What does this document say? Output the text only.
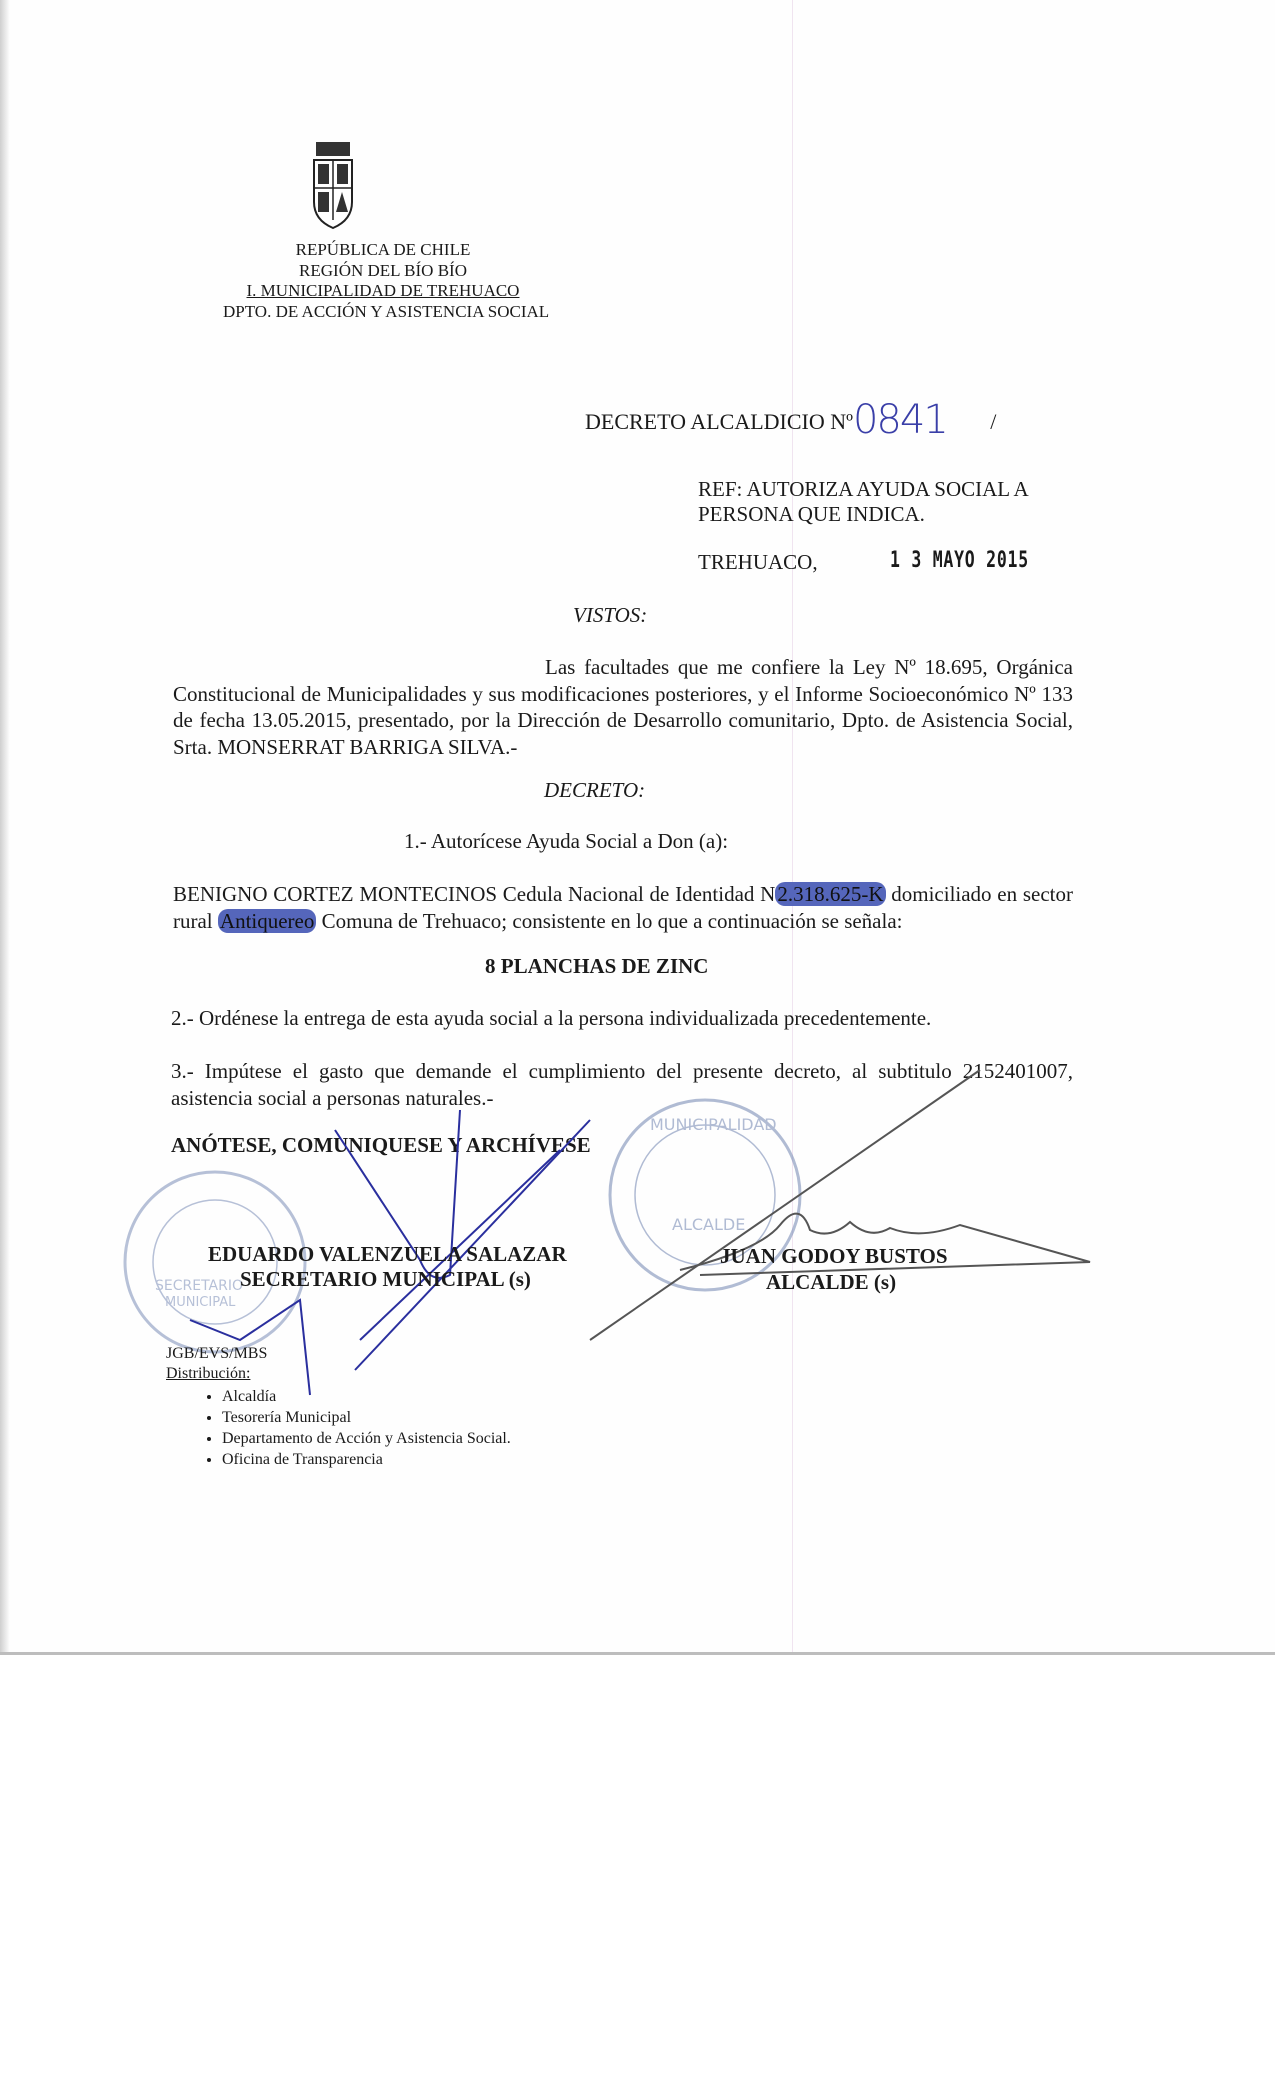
REPÚBLICA DE CHILE
REGIÓN DEL BÍO BÍO
I. MUNICIPALIDAD DE TREHUACO
DPTO. DE ACCIÓN Y ASISTENCIA SOCIAL
DECRETO ALCALDICIO Nº0841 /
REF: AUTORIZA AYUDA SOCIAL A
PERSONA QUE INDICA.
TREHUACO,	1 3 MAYO 2015
VISTOS:
Las facultades que me confiere la Ley Nº 18.695, Orgánica Constitucional de Municipalidades y sus modificaciones posteriores, y el Informe Socioeconómico Nº 133 de fecha 13.05.2015, presentado, por la Dirección de Desarrollo comunitario, Dpto. de Asistencia Social, Srta. MONSERRAT BARRIGA SILVA.-
DECRETO:
1.- Autorícese Ayuda Social a Don (a):
BENIGNO CORTEZ MONTECINOS Cedula Nacional de Identidad N2.318.625-K domiciliado en sector rural Antiquereo Comuna de Trehuaco; consistente en lo que a continuación se señala:
8 PLANCHAS DE ZINC
2.- Ordénese la entrega de esta ayuda social a la persona individualizada precedentemente.
3.- Impútese el gasto que demande el cumplimiento del presente decreto, al subtitulo 2152401007, asistencia social a personas naturales.-
ANÓTESE, COMUNIQUESE Y ARCHÍVESE
SECRETARIO
MUNICIPAL
ALCALDE
MUNICIPALIDAD
EDUARDO VALENZUELA SALAZAR
SECRETARIO MUNICIPAL (s)
JUAN GODOY BUSTOS
ALCALDE (s)
JGB/EVS/MBS
Distribución:
• Alcaldía
• Tesorería Municipal
• Departamento de Acción y Asistencia Social.
• Oficina de Transparencia
